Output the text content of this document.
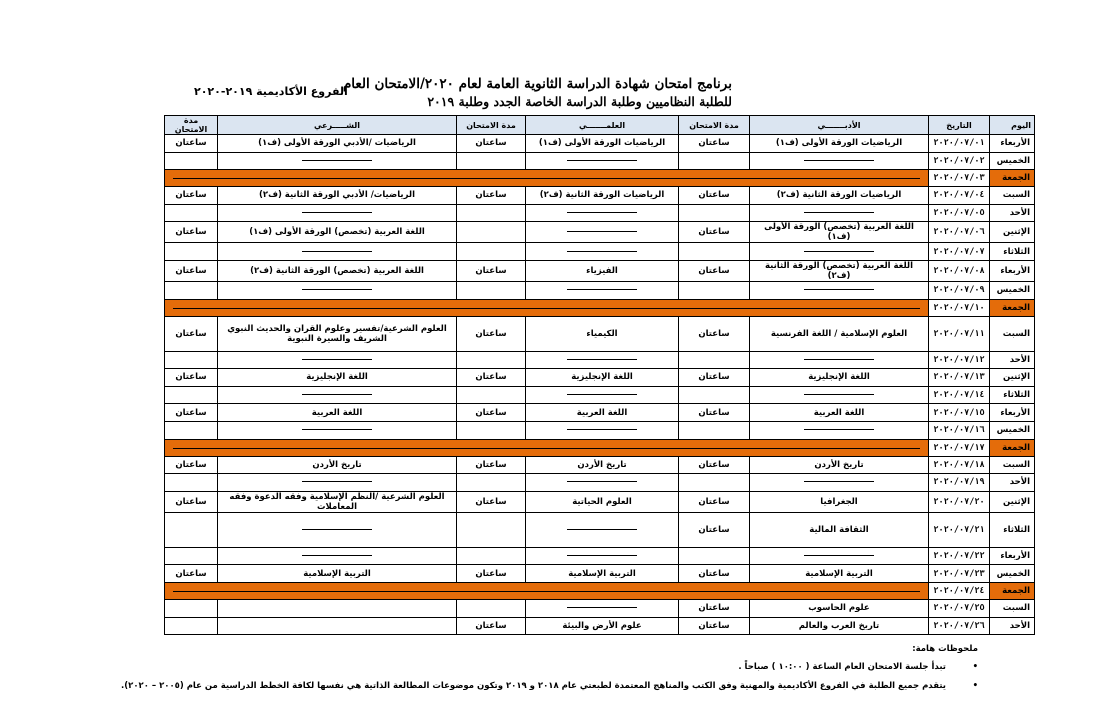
برنامج امتحان شهادة الدراسة الثانوية العامة لعام ٢٠٢٠/الامتحان العام
للطلبة النظاميين وطلبة الدراسة الخاصة الجدد وطلبة ٢٠١٩
الفروع الأكاديمية ٢٠١٩-٢٠٢٠
اليوم	التاريخ	الأدبـــــــي	مدة الامتحان	العلمـــــــي	مدة الامتحان	الشـــــرعي	مدة الامتحان
الأربعاء	٢٠٢٠/٠٧/٠١	الرياضيات الورقة الأولى (ف١)	ساعتان	الرياضيات الورقة الأولى (ف١)	ساعتان	الرياضيات /الأدبي الورقة الأولى (ف١)	ساعتان
الخميس	٢٠٢٠/٠٧/٠٢						
الجمعة	٢٠٢٠/٠٧/٠٣						

السبت	٢٠٢٠/٠٧/٠٤	الرياضيات الورقة الثانية (ف٢)	ساعتان	الرياضيات الورقة الثانية (ف٢)	ساعتان	الرياضيات/ الأدبي الورقة الثانية (ف٢)	ساعتان
الأحد	٢٠٢٠/٠٧/٠٥						
الإثنين	٢٠٢٠/٠٧/٠٦	اللغة العربية (تخصص) الورقة الأولى (ف١)	ساعتان			اللغة العربية (تخصص) الورقة الأولى (ف١)	ساعتان
الثلاثاء	٢٠٢٠/٠٧/٠٧						
الأربعاء	٢٠٢٠/٠٧/٠٨	اللغة العربية (تخصص) الورقة الثانية (ف٢)	ساعتان	الفيزياء	ساعتان	اللغة العربية (تخصص) الورقة الثانية (ف٢)	ساعتان
الخميس	٢٠٢٠/٠٧/٠٩						
الجمعة	٢٠٢٠/٠٧/١٠						

السبت	٢٠٢٠/٠٧/١١	العلوم الإسلامية / اللغة الفرنسية	ساعتان	الكيمياء	ساعتان	العلوم الشرعية/تفسير وعلوم القران والحديث النبوي الشريف والسيرة النبوية	ساعتان
الأحد	٢٠٢٠/٠٧/١٢						
الإثنين	٢٠٢٠/٠٧/١٣	اللغة الإنجليزية	ساعتان	اللغة الإنجليزية	ساعتان	اللغة الإنجليزية	ساعتان
الثلاثاء	٢٠٢٠/٠٧/١٤						
الأربعاء	٢٠٢٠/٠٧/١٥	اللغة العربية	ساعتان	اللغة العربية	ساعتان	اللغة العربية	ساعتان
الخميس	٢٠٢٠/٠٧/١٦						
الجمعة	٢٠٢٠/٠٧/١٧						

السبت	٢٠٢٠/٠٧/١٨	تاريخ الأردن	ساعتان	تاريخ الأردن	ساعتان	تاريخ الأردن	ساعتان
الأحد	٢٠٢٠/٠٧/١٩						
الإثنين	٢٠٢٠/٠٧/٢٠	الجغرافيا	ساعتان	العلوم الحياتية	ساعتان	العلوم الشرعية /النظم الإسلامية وفقه الدعوة وفقه المعاملات	ساعتان
الثلاثاء	٢٠٢٠/٠٧/٢١	الثقافة المالية	ساعتان				
الأربعاء	٢٠٢٠/٠٧/٢٢						
الخميس	٢٠٢٠/٠٧/٢٣	التربية الإسلامية	ساعتان	التربية الإسلامية	ساعتان	التربية الإسلامية	ساعتان
الجمعة	٢٠٢٠/٠٧/٢٤						

السبت	٢٠٢٠/٠٧/٢٥	علوم الحاسوب	ساعتان				
الأحد	٢٠٢٠/٠٧/٢٦	تاريخ العرب والعالم	ساعتان	علوم الأرض والبيئة	ساعتان		
ملحوظات هامة:
•تبدأ جلسة الامتحان العام الساعة ( ١٠:٠٠ ) صباحاً .
•يتقدم جميع الطلبة في الفروع الأكاديمية والمهنية وفق الكتب والمناهج المعتمدة لطبعتي عام ٢٠١٨ و ٢٠١٩ وتكون موضوعات المطالعة الذاتية هي نفسها لكافة الخطط الدراسية من عام (٢٠٠٥ – ٢٠٢٠).
